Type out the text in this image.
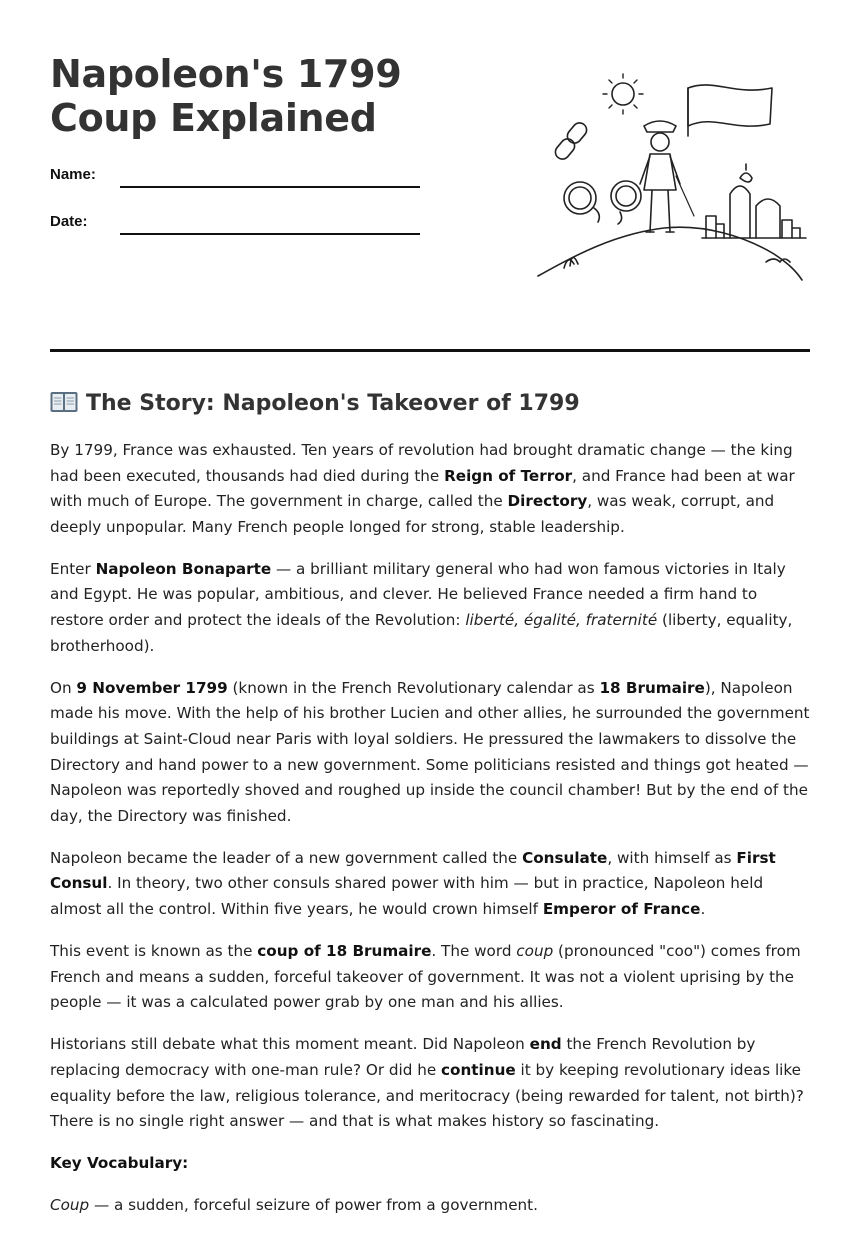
Napoleon's 1799 Coup Explained
Name:
Date:
The Story: Napoleon's Takeover of 1799

By 1799, France was exhausted. Ten years of revolution had brought dramatic change — the king had been executed, thousands had died during the Reign of Terror, and France had been at war with much of Europe. The government in charge, called the Directory, was weak, corrupt, and deeply unpopular. Many French people longed for strong, stable leadership.

Enter Napoleon Bonaparte — a brilliant military general who had won famous victories in Italy and Egypt. He was popular, ambitious, and clever. He believed France needed a firm hand to restore order and protect the ideals of the Revolution: liberté, égalité, fraternité (liberty, equality, brotherhood).

On 9 November 1799 (known in the French Revolutionary calendar as 18 Brumaire), Napoleon made his move. With the help of his brother Lucien and other allies, he surrounded the government buildings at Saint-Cloud near Paris with loyal soldiers. He pressured the lawmakers to dissolve the Directory and hand power to a new government. Some politicians resisted and things got heated — Napoleon was reportedly shoved and roughed up inside the council chamber! But by the end of the day, the Directory was finished.

Napoleon became the leader of a new government called the Consulate, with himself as First Consul. In theory, two other consuls shared power with him — but in practice, Napoleon held almost all the control. Within five years, he would crown himself Emperor of France.

This event is known as the coup of 18 Brumaire. The word coup (pronounced "coo") comes from French and means a sudden, forceful takeover of government. It was not a violent uprising by the people — it was a calculated power grab by one man and his allies.

Historians still debate what this moment meant. Did Napoleon end the French Revolution by replacing democracy with one-man rule? Or did he continue it by keeping revolutionary ideas like equality before the law, religious tolerance, and meritocracy (being rewarded for talent, not birth)? There is no single right answer — and that is what makes history so fascinating.

Key Vocabulary:

Coup — a sudden, forceful seizure of power from a government.
